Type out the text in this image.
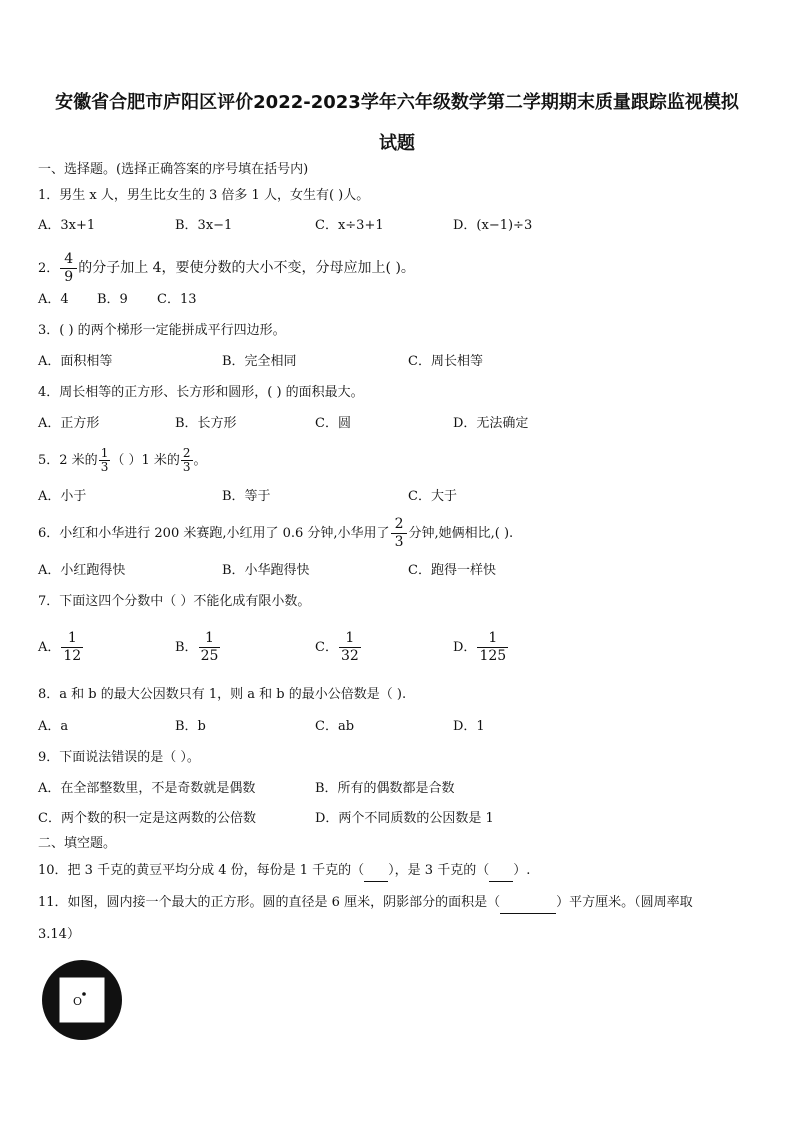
安徽省合肥市庐阳区评价2022-2023学年六年级数学第二学期期末质量跟踪监视模拟
试题
一、选择题。(选择正确答案的序号填在括号内)
1．男生 x 人，男生比女生的 3 倍多 1 人，女生有( )人。
A．3x+1	B．3x−1	C．x÷3+1	D．(x−1)÷3
2． $\frac{4}{9}$ 的分子加上 4，要使分数的大小不变，分母应加上( )。
A．4 B．9 C．13
3．( ) 的两个梯形一定能拼成平行四边形。
A．面积相等	B．完全相同	C．周长相等
4．周长相等的正方形、长方形和圆形，( ) 的面积最大。
A．正方形	B．长方形	C．圆	D．无法确定
5．2 米的 $\frac{1}{3}$ （ ）1 米的 $\frac{2}{3}$ 。
A．小于	B．等于	C．大于
6．小红和小华进行 200 米赛跑,小红用了 0.6 分钟,小华用了 $\frac{2}{3}$ 分钟,她俩相比,( ).
A．小红跑得快	B．小华跑得快	C．跑得一样快
7．下面这四个分数中（ ）不能化成有限小数。
A． $\frac{1}{12}$	B． $\frac{1}{25}$	C． $\frac{1}{32}$	D． $\frac{1}{125}$
8．a 和 b 的最大公因数只有 1，则 a 和 b 的最小公倍数是（ ).
A．a	B．b	C．ab	D．1
9．下面说法错误的是（ ）。
A．在全部整数里，不是奇数就是偶数	B．所有的偶数都是合数
C．两个数的积一定是这两数的公倍数	D．两个不同质数的公因数是 1
二、填空题。
10．把 3 千克的黄豆平均分成 4 份，每份是 1 千克的（ ），是 3 千克的（ ）.
11．如图，圆内接一个最大的正方形。圆的直径是 6 厘米，阴影部分的面积是（	）平方厘米。（圆周率取
3.14）
O
